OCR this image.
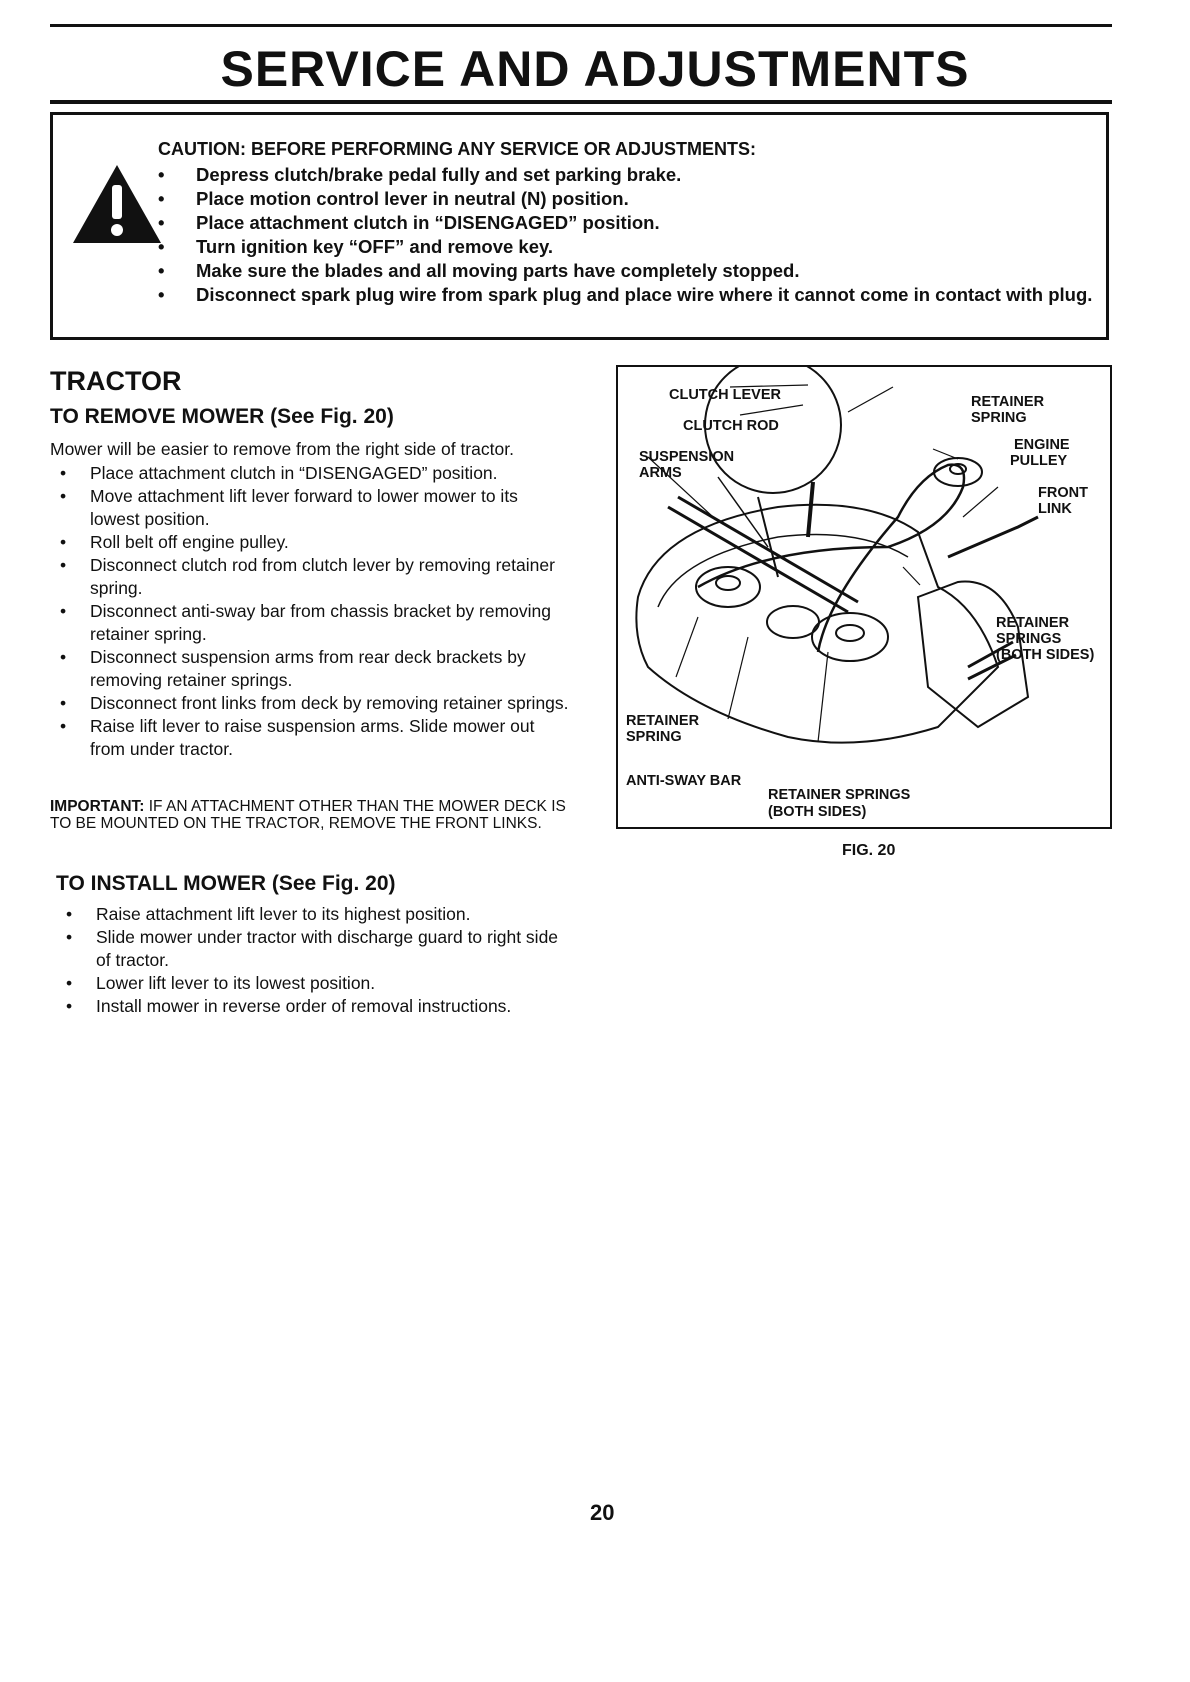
SERVICE AND ADJUSTMENTS
CAUTION: BEFORE PERFORMING ANY SERVICE OR ADJUSTMENTS:
• Depress clutch/brake pedal fully and set parking brake.
• Place motion control lever in neutral (N) position.
• Place attachment clutch in “DISENGAGED” position.
• Turn ignition key “OFF” and remove key.
• Make sure the blades and all moving parts have completely stopped.
• Disconnect spark plug wire from spark plug and place wire where it cannot come in contact with plug.
TRACTOR
TO REMOVE MOWER (See Fig. 20)
Mower will be easier to remove from the right side of tractor.
• Place attachment clutch in “DISENGAGED” position.
• Move attachment lift lever forward to lower mower to its lowest position.
• Roll belt off engine pulley.
• Disconnect clutch rod from clutch lever by removing retainer spring.
• Disconnect anti-sway bar from chassis bracket by removing retainer spring.
• Disconnect suspension arms from rear deck brackets by removing retainer springs.
• Disconnect front links from deck by removing retainer springs.
• Raise lift lever to raise suspension arms. Slide mower out from under tractor.
IMPORTANT: IF AN ATTACHMENT OTHER THAN THE MOWER DECK IS TO BE MOUNTED ON THE TRACTOR, REMOVE THE FRONT LINKS.
TO INSTALL MOWER (See Fig. 20)
• Raise attachment lift lever to its highest position.
• Slide mower under tractor with discharge guard to right side of tractor.
• Lower lift lever to its lowest position.
• Install mower in reverse order of removal instructions.
CLUTCH LEVER
CLUTCH ROD
SUSPENSION
ARMS
RETAINER
SPRING
ENGINE
PULLEY
FRONT
LINK
RETAINER
SPRINGS
(BOTH SIDES)
RETAINER
SPRING
ANTI-SWAY BAR
RETAINER SPRINGS
(BOTH SIDES)
FIG. 20
20
